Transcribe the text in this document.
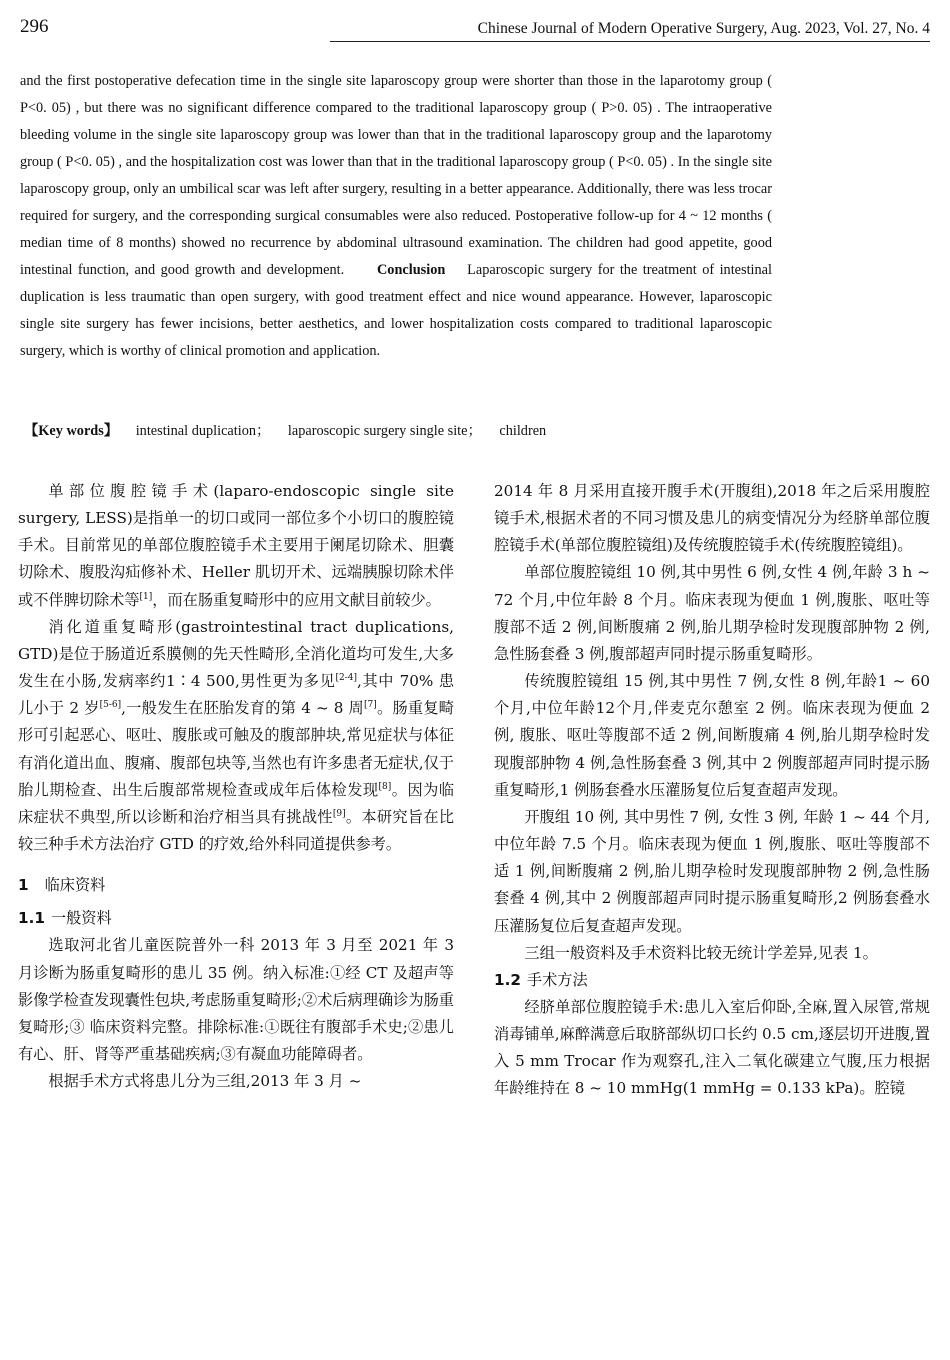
296	Chinese Journal of Modern Operative Surgery, Aug. 2023, Vol. 27, No. 4
and the first postoperative defecation time in the single site laparoscopy group were shorter than those in the laparotomy group ( P<0. 05) , but there was no significant difference compared to the traditional laparoscopy group ( P>0. 05) . The intraoperative bleeding volume in the single site laparoscopy group was lower than that in the traditional laparoscopy group and the laparotomy group ( P<0. 05) , and the hospitalization cost was lower than that in the traditional laparoscopy group ( P<0. 05) . In the single site laparoscopy group, only an umbilical scar was left after surgery, resulting in a better appearance. Additionally, there was less trocar required for surgery, and the corresponding surgical consumables were also reduced. Postoperative follow-up for 4 ~ 12 months ( median time of 8 months) showed no recurrence by abdominal ultrasound examination. The children had good appetite, good intestinal function, and good growth and development. Conclusion Laparoscopic surgery for the treatment of intestinal duplication is less traumatic than open surgery, with good treatment effect and nice wound appearance. However, laparoscopic single site surgery has fewer incisions, better aesthetics, and lower hospitalization costs compared to traditional laparoscopic surgery, which is worthy of clinical promotion and application.
【Key words】 intestinal duplication； laparoscopic surgery single site； children

单部位腹腔镜手术(laparo-endoscopic single site surgery, LESS)是指单一的切口或同一部位多个小切口的腹腔镜手术。目前常见的单部位腹腔镜手术主要用于阑尾切除术、胆囊切除术、腹股沟疝修补术、Heller 肌切开术、远端胰腺切除术伴或不伴脾切除术等[1]，而在肠重复畸形中的应用文献目前较少。

消化道重复畸形(gastrointestinal tract duplications, GTD)是位于肠道近系膜侧的先天性畸形,全消化道均可发生,大多发生在小肠,发病率约1∶4 500,男性更为多见[2-4],其中 70% 患儿小于 2 岁[5-6],一般发生在胚胎发育的第 4 ~ 8 周[7]。肠重复畸形可引起恶心、呕吐、腹胀或可触及的腹部肿块,常见症状与体征有消化道出血、腹痛、腹部包块等,当然也有许多患者无症状,仅于胎儿期检查、出生后腹部常规检查或成年后体检发现[8]。因为临床症状不典型,所以诊断和治疗相当具有挑战性[9]。本研究旨在比较三种手术方法治疗 GTD 的疗效,给外科同道提供参考。

1 临床资料
1.1 一般资料

选取河北省儿童医院普外一科 2013 年 3 月至 2021 年 3 月诊断为肠重复畸形的患儿 35 例。纳入标准:①经 CT 及超声等影像学检查发现囊性包块,考虑肠重复畸形;②术后病理确诊为肠重复畸形;③ 临床资料完整。排除标准:①既往有腹部手术史;②患儿有心、肝、肾等严重基础疾病;③有凝血功能障碍者。

根据手术方式将患儿分为三组,2013 年 3 月 ~

2014 年 8 月采用直接开腹手术(开腹组),2018 年之后采用腹腔镜手术,根据术者的不同习惯及患儿的病变情况分为经脐单部位腹腔镜手术(单部位腹腔镜组)及传统腹腔镜手术(传统腹腔镜组)。

单部位腹腔镜组 10 例,其中男性 6 例,女性 4 例,年龄 3 h ~ 72 个月,中位年龄 8 个月。临床表现为便血 1 例,腹胀、呕吐等腹部不适 2 例,间断腹痛 2 例,胎儿期孕检时发现腹部肿物 2 例,急性肠套叠 3 例,腹部超声同时提示肠重复畸形。

传统腹腔镜组 15 例,其中男性 7 例,女性 8 例,年龄1 ~ 60个月,中位年龄12个月,伴麦克尔憩室 2 例。临床表现为便血 2 例, 腹胀、呕吐等腹部不适 2 例,间断腹痛 4 例,胎儿期孕检时发现腹部肿物 4 例,急性肠套叠 3 例,其中 2 例腹部超声同时提示肠重复畸形,1 例肠套叠水压灌肠复位后复查超声发现。

开腹组 10 例, 其中男性 7 例, 女性 3 例, 年龄 1 ~ 44 个月, 中位年龄 7.5 个月。临床表现为便血 1 例,腹胀、呕吐等腹部不适 1 例,间断腹痛 2 例,胎儿期孕检时发现腹部肿物 2 例,急性肠套叠 4 例,其中 2 例腹部超声同时提示肠重复畸形,2 例肠套叠水压灌肠复位后复查超声发现。

三组一般资料及手术资料比较无统计学差异,见表 1。

1.2 手术方法

经脐单部位腹腔镜手术:患儿入室后仰卧,全麻,置入尿管,常规消毒铺单,麻醉满意后取脐部纵切口长约 0.5 cm,逐层切开进腹,置入 5 mm Trocar 作为观察孔,注入二氧化碳建立气腹,压力根据年龄维持在 8 ~ 10 mmHg(1 mmHg = 0.133 kPa)。腔镜
